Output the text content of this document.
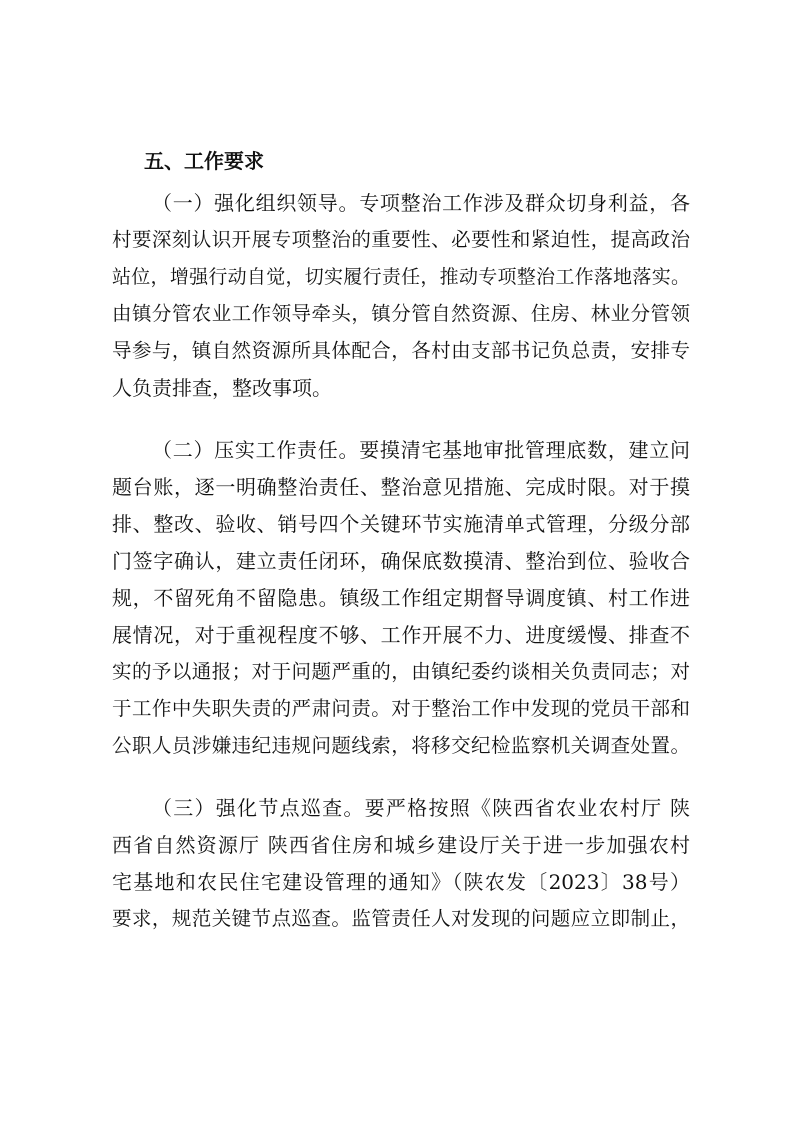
五、工作要求
（一）强化组织领导。专项整治工作涉及群众切身利益，各
村要深刻认识开展专项整治的重要性、必要性和紧迫性，提高政治
站位，增强行动自觉，切实履行责任，推动专项整治工作落地落实。
由镇分管农业工作领导牵头，镇分管自然资源、住房、林业分管领
导参与，镇自然资源所具体配合，各村由支部书记负总责，安排专
人负责排查，整改事项。
（二）压实工作责任。要摸清宅基地审批管理底数，建立问
题台账，逐一明确整治责任、整治意见措施、完成时限。对于摸
排、整改、验收、销号四个关键环节实施清单式管理，分级分部
门签字确认，建立责任闭环，确保底数摸清、整治到位、验收合
规，不留死角不留隐患。镇级工作组定期督导调度镇、村工作进
展情况，对于重视程度不够、工作开展不力、进度缓慢、排查不
实的予以通报；对于问题严重的，由镇纪委约谈相关负责同志；对
于工作中失职失责的严肃问责。对于整治工作中发现的党员干部和
公职人员涉嫌违纪违规问题线索，将移交纪检监察机关调查处置。
（三）强化节点巡查。要严格按照《陕西省农业农村厅 陕
西省自然资源厅 陕西省住房和城乡建设厅关于进一步加强农村
宅基地和农民住宅建设管理的通知》（陕农发〔2023〕38号）
要求，规范关键节点巡查。监管责任人对发现的问题应立即制止，
